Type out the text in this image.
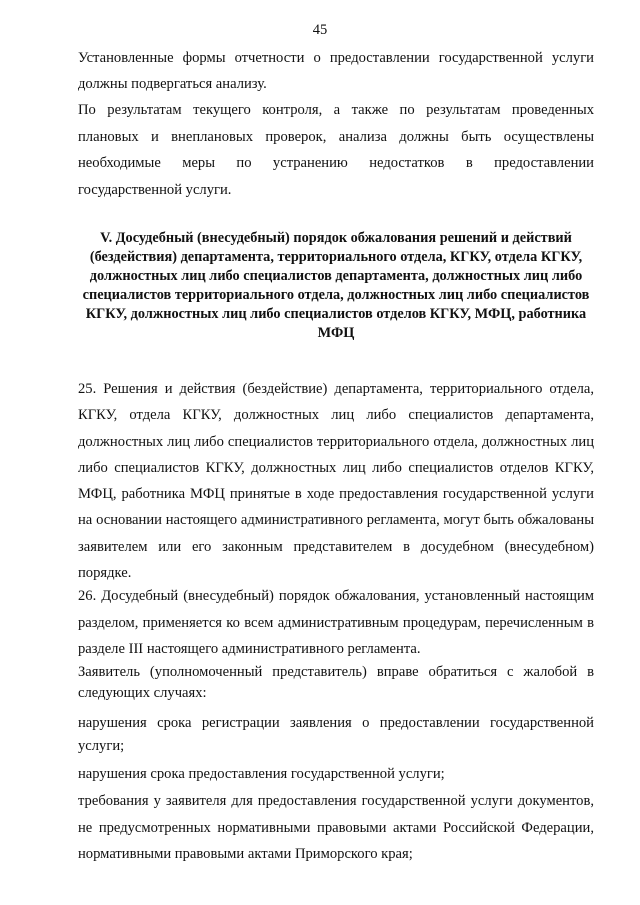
45

Установленные формы отчетности о предоставлении государственной услуги должны подвергаться анализу.

По результатам текущего контроля, а также по результатам проведенных плановых и внеплановых проверок, анализа должны быть осуществлены необходимые меры по устранению недостатков в предоставлении государственной услуги.

V. Досудебный (внесудебный) порядок обжалования решений и действий (бездействия) департамента, территориального отдела, КГКУ, отдела КГКУ, должностных лиц либо специалистов департамента, должностных лиц либо специалистов территориального отдела, должностных лиц либо специалистов КГКУ, должностных лиц либо специалистов отделов КГКУ, МФЦ, работника МФЦ

25. Решения и действия (бездействие) департамента, территориального отдела, КГКУ, отдела КГКУ, должностных лиц либо специалистов департамента, должностных лиц либо специалистов территориального отдела, должностных лиц либо специалистов КГКУ, должностных лиц либо специалистов отделов КГКУ, МФЦ, работника МФЦ принятые в ходе предоставления государственной услуги на основании настоящего административного регламента, могут быть обжалованы заявителем или его законным представителем в досудебном (внесудебном) порядке.

26. Досудебный (внесудебный) порядок обжалования, установленный настоящим разделом, применяется ко всем административным процедурам, перечисленным в разделе III настоящего административного регламента.

Заявитель (уполномоченный представитель) вправе обратиться с жалобой в следующих случаях:

нарушения срока регистрации заявления о предоставлении государственной услуги;

нарушения срока предоставления государственной услуги;

требования у заявителя для предоставления государственной услуги документов, не предусмотренных нормативными правовыми актами Российской Федерации, нормативными правовыми актами Приморского края;
